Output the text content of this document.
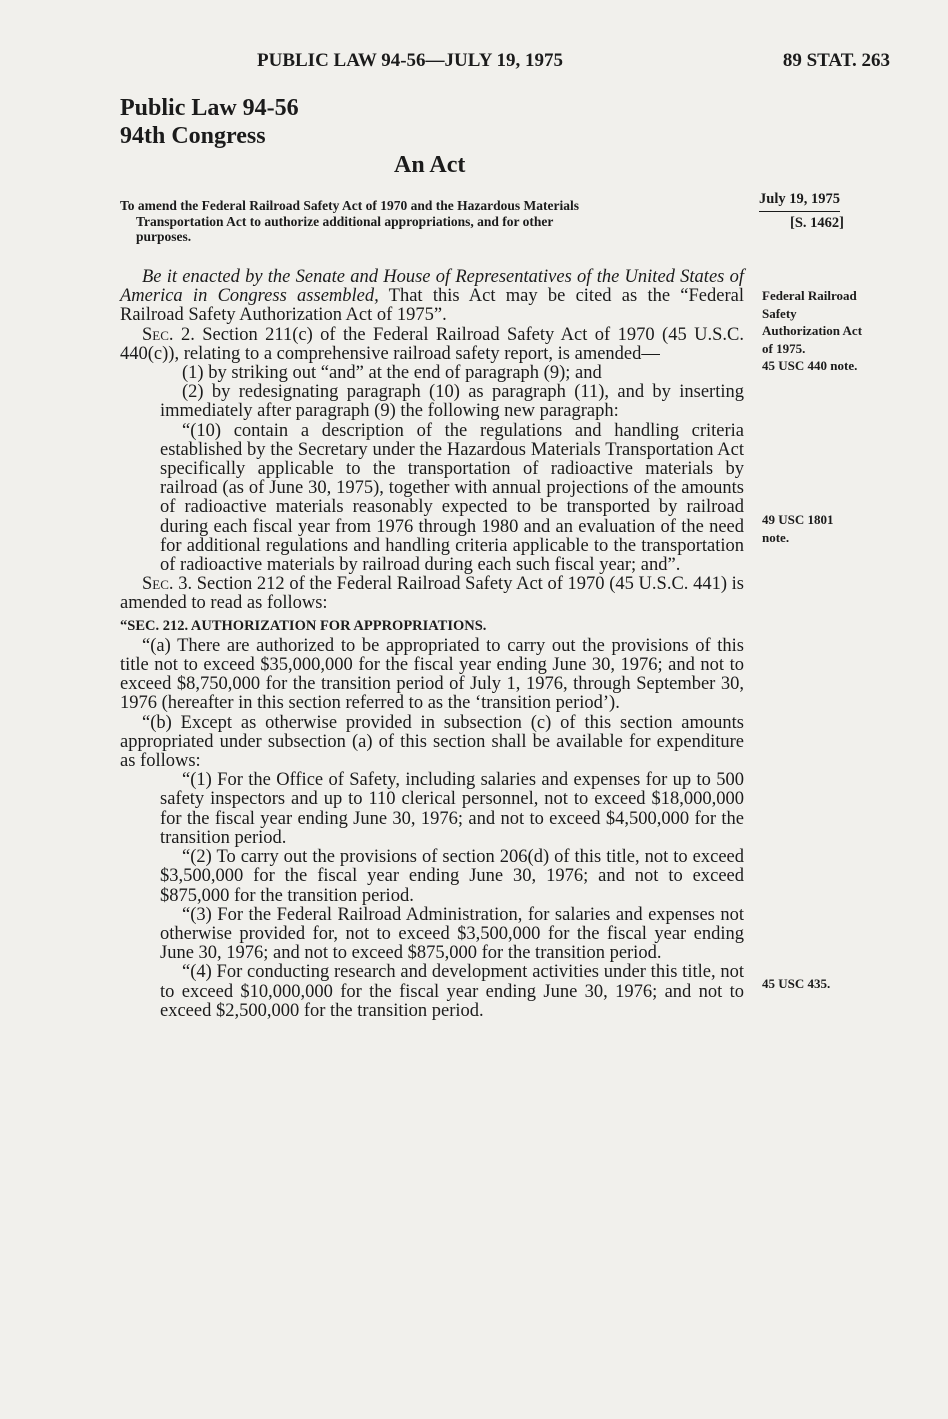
PUBLIC LAW 94-56—JULY 19, 1975	89 STAT. 263
Public Law 94-56
94th Congress
An Act
To amend the Federal Railroad Safety Act of 1970 and the Hazardous Materials
Transportation Act to authorize additional appropriations, and for other
purposes.
July 19, 1975
[S. 1462]
Federal Railroad
Safety
Authorization Act
of 1975.
45 USC 440 note.
49 USC 1801
note.
45 USC 435.

Be it enacted by the Senate and House of Representatives of the United States of America in Congress assembled, That this Act may be cited as the “Federal Railroad Safety Authorization Act of 1975”.

Sec. 2. Section 211(c) of the Federal Railroad Safety Act of 1970 (45 U.S.C. 440(c)), relating to a comprehensive railroad safety report, is amended—

(1) by striking out “and” at the end of paragraph (9); and

(2) by redesignating paragraph (10) as paragraph (11), and by inserting immediately after paragraph (9) the following new paragraph:

“(10) contain a description of the regulations and handling criteria established by the Secretary under the Hazardous Materials Transportation Act specifically applicable to the transportation of radioactive materials by railroad (as of June 30, 1975), together with annual projections of the amounts of radioactive materials reasonably expected to be transported by railroad during each fiscal year from 1976 through 1980 and an evaluation of the need for additional regulations and handling criteria applicable to the transportation of radioactive materials by railroad during each such fiscal year; and”.

Sec. 3. Section 212 of the Federal Railroad Safety Act of 1970 (45 U.S.C. 441) is amended to read as follows:

“SEC. 212. AUTHORIZATION FOR APPROPRIATIONS.

“(a) There are authorized to be appropriated to carry out the provisions of this title not to exceed $35,000,000 for the fiscal year ending June 30, 1976; and not to exceed $8,750,000 for the transition period of July 1, 1976, through September 30, 1976 (hereafter in this section referred to as the ‘transition period’).

“(b) Except as otherwise provided in subsection (c) of this section amounts appropriated under subsection (a) of this section shall be available for expenditure as follows:

“(1) For the Office of Safety, including salaries and expenses for up to 500 safety inspectors and up to 110 clerical personnel, not to exceed $18,000,000 for the fiscal year ending June 30, 1976; and not to exceed $4,500,000 for the transition period.

“(2) To carry out the provisions of section 206(d) of this title, not to exceed $3,500,000 for the fiscal year ending June 30, 1976; and not to exceed $875,000 for the transition period.

“(3) For the Federal Railroad Administration, for salaries and expenses not otherwise provided for, not to exceed $3,500,000 for the fiscal year ending June 30, 1976; and not to exceed $875,000 for the transition period.

“(4) For conducting research and development activities under this title, not to exceed $10,000,000 for the fiscal year ending June 30, 1976; and not to exceed $2,500,000 for the transition period.
